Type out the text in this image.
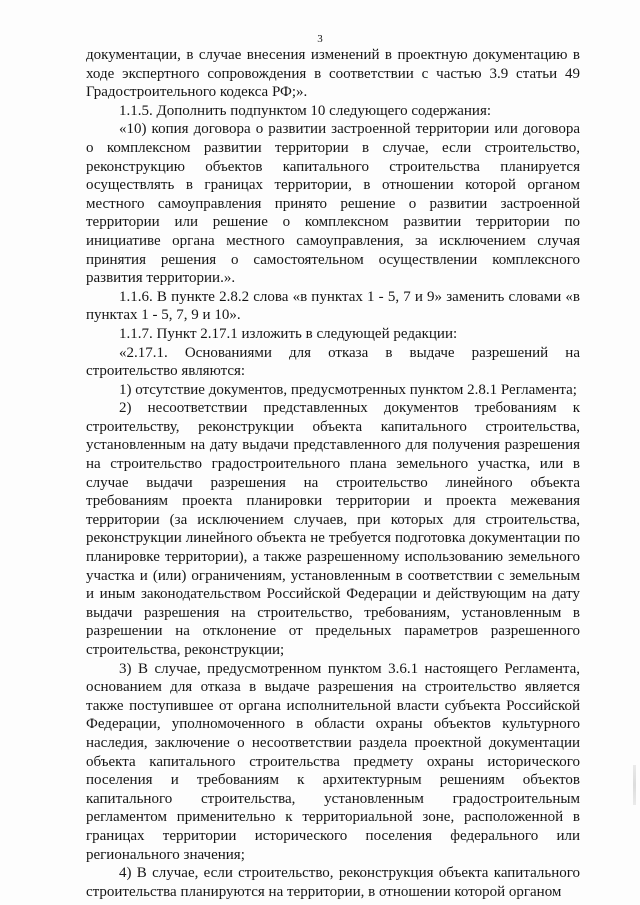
3

документации, в случае внесения изменений в проектную документацию в ходе экспертного сопровождения в соответствии с частью 3.9 статьи 49 Градостроительного кодекса РФ;».

1.1.5. Дополнить подпунктом 10 следующего содержания:

«10) копия договора о развитии застроенной территории или договора о комплексном развитии территории в случае, если строительство, реконструкцию объектов капитального строительства планируется осуществлять в границах территории, в отношении которой органом местного самоуправления принято решение о развитии застроенной территории или решение о комплексном развитии территории по инициативе органа местного самоуправления, за исключением случая принятия решения о самостоятельном осуществлении комплексного развития территории.».

1.1.6. В пункте 2.8.2 слова «в пунктах 1 - 5, 7 и 9» заменить словами «в пунктах 1 - 5, 7, 9 и 10».

1.1.7. Пункт 2.17.1 изложить в следующей редакции:

«2.17.1. Основаниями для отказа в выдаче разрешений на строительство являются:

1) отсутствие документов, предусмотренных пунктом 2.8.1 Регламента;

2) несоответствии представленных документов требованиям к строительству, реконструкции объекта капитального строительства, установленным на дату выдачи представленного для получения разрешения на строительство градостроительного плана земельного участка, или в случае выдачи разрешения на строительство линейного объекта требованиям проекта планировки территории и проекта межевания территории (за исключением случаев, при которых для строительства, реконструкции линейного объекта не требуется подготовка документации по планировке территории), а также разрешенному использованию земельного участка и (или) ограничениям, установленным в соответствии с земельным и иным законодательством Российской Федерации и действующим на дату выдачи разрешения на строительство, требованиям, установленным в разрешении на отклонение от предельных параметров разрешенного строительства, реконструкции;

3) В случае, предусмотренном пунктом 3.6.1 настоящего Регламента, основанием для отказа в выдаче разрешения на строительство является также поступившее от органа исполнительной власти субъекта Российской Федерации, уполномоченного в области охраны объектов культурного наследия, заключение о несоответствии раздела проектной документации объекта капитального строительства предмету охраны исторического поселения и требованиям к архитектурным решениям объектов капитального строительства, установленным градостроительным регламентом применительно к территориальной зоне, расположенной в границах территории исторического поселения федерального или регионального значения;

4) В случае, если строительство, реконструкция объекта капитального строительства планируются на территории, в отношении которой органом
